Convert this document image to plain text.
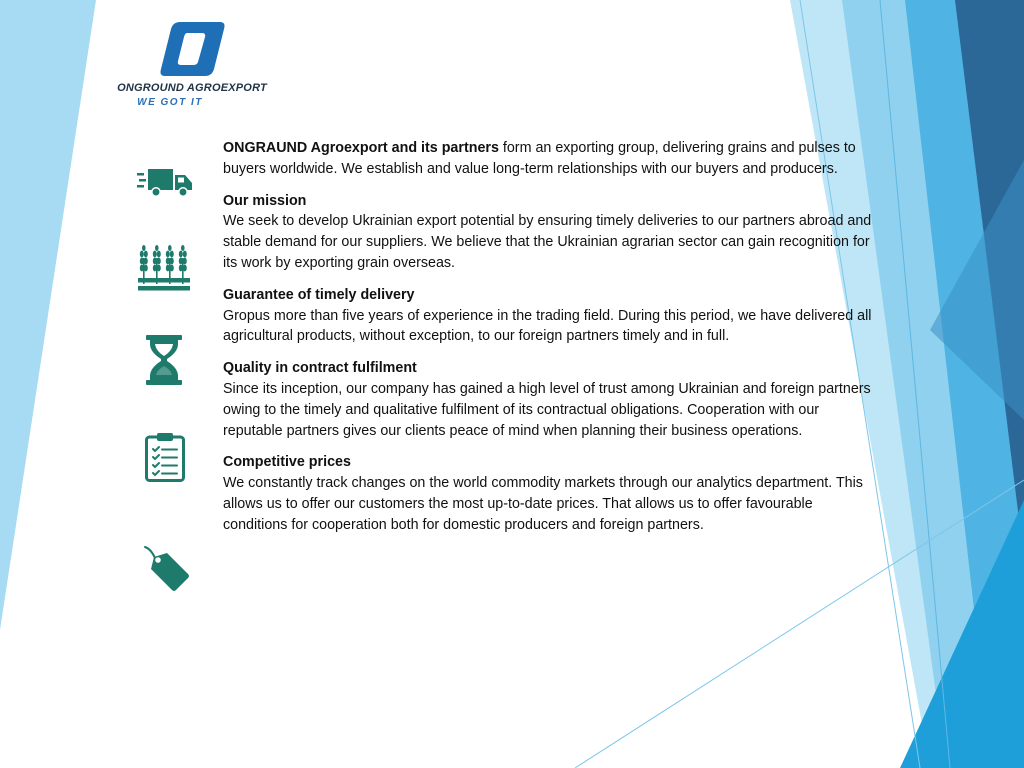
ONGROUND AGROEXPORT
WE GOT IT

ONGRAUND Agroexport and its partners form an exporting group, delivering grains and pulses to buyers worldwide. We establish and value long-term relationships with our buyers and producers.

Our mission

We seek to develop Ukrainian export potential by ensuring timely deliveries to our partners abroad and stable demand for our suppliers. We believe that the Ukrainian agrarian sector can gain recognition for its work by exporting grain overseas.

Guarantee of timely delivery

Gropus more than five years of experience in the trading field. During this period, we have delivered all agricultural products, without exception, to our foreign partners timely and in full.

Quality in contract fulfilment

Since its inception, our company has gained a high level of trust among Ukrainian and foreign partners owing to the timely and qualitative fulfilment of its contractual obligations. Cooperation with our reputable partners gives our clients peace of mind when planning their business operations.

Competitive prices

We constantly track changes on the world commodity markets through our analytics department. This allows us to offer our customers the most up-to-date prices. That allows us to offer favourable conditions for cooperation both for domestic producers and foreign partners.
